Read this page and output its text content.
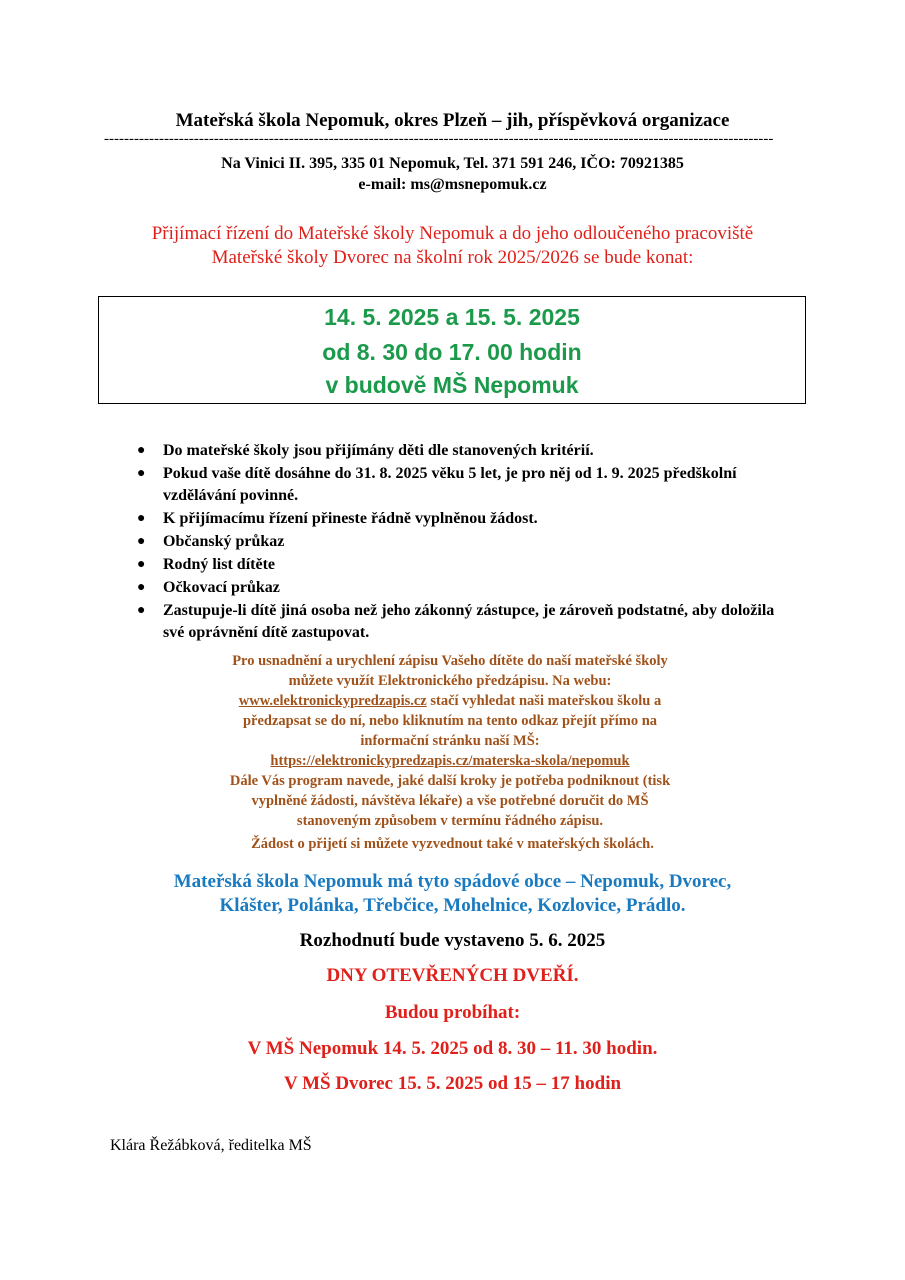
Mateřská škola Nepomuk, okres Plzeň – jih, příspěvková organizace
--------------------------------------------------------------------------------------------------------------------------------------
Na Vinici II. 395, 335 01 Nepomuk, Tel. 371 591 246, IČO: 70921385
e-mail: ms@msnepomuk.cz
Přijímací řízení do Mateřské školy Nepomuk a do jeho odloučeného pracoviště
Mateřské školy Dvorec na školní rok 2025/2026 se bude konat:
14. 5. 2025 a 15. 5. 2025
od 8. 30 do 17. 00 hodin
v budově MŠ Nepomuk
● Do mateřské školy jsou přijímány děti dle stanovených kritérií.
● Pokud vaše dítě dosáhne do 31. 8. 2025 věku 5 let, je pro něj od 1. 9. 2025 předškolní vzdělávání povinné.
● K přijímacímu řízení přineste řádně vyplněnou žádost.
● Občanský průkaz
● Rodný list dítěte
● Očkovací průkaz
● Zastupuje-li dítě jiná osoba než jeho zákonný zástupce, je zároveň podstatné, aby doložila své oprávnění dítě zastupovat.
Pro usnadnění a urychlení zápisu Vašeho dítěte do naší mateřské školy
můžete využít Elektronického předzápisu. Na webu:
www.elektronickypredzapis.cz stačí vyhledat naši mateřskou školu a
předzapsat se do ní, nebo kliknutím na tento odkaz přejít přímo na
informační stránku naší MŠ:
https://elektronickypredzapis.cz/materska-skola/nepomuk
Dále Vás program navede, jaké další kroky je potřeba podniknout (tisk
vyplněné žádosti, návštěva lékaře) a vše potřebné doručit do MŠ
stanoveným způsobem v termínu řádného zápisu.
Žádost o přijetí si můžete vyzvednout také v mateřských školách.
Mateřská škola Nepomuk má tyto spádové obce – Nepomuk, Dvorec,
Klášter, Polánka, Třebčice, Mohelnice, Kozlovice, Prádlo.
Rozhodnutí bude vystaveno 5. 6. 2025
DNY OTEVŘENÝCH DVEŘÍ.
Budou probíhat:
V MŠ Nepomuk 14. 5. 2025 od 8. 30 – 11. 30 hodin.
V MŠ Dvorec 15. 5. 2025 od 15 – 17 hodin
Klára Řežábková, ředitelka MŠ
